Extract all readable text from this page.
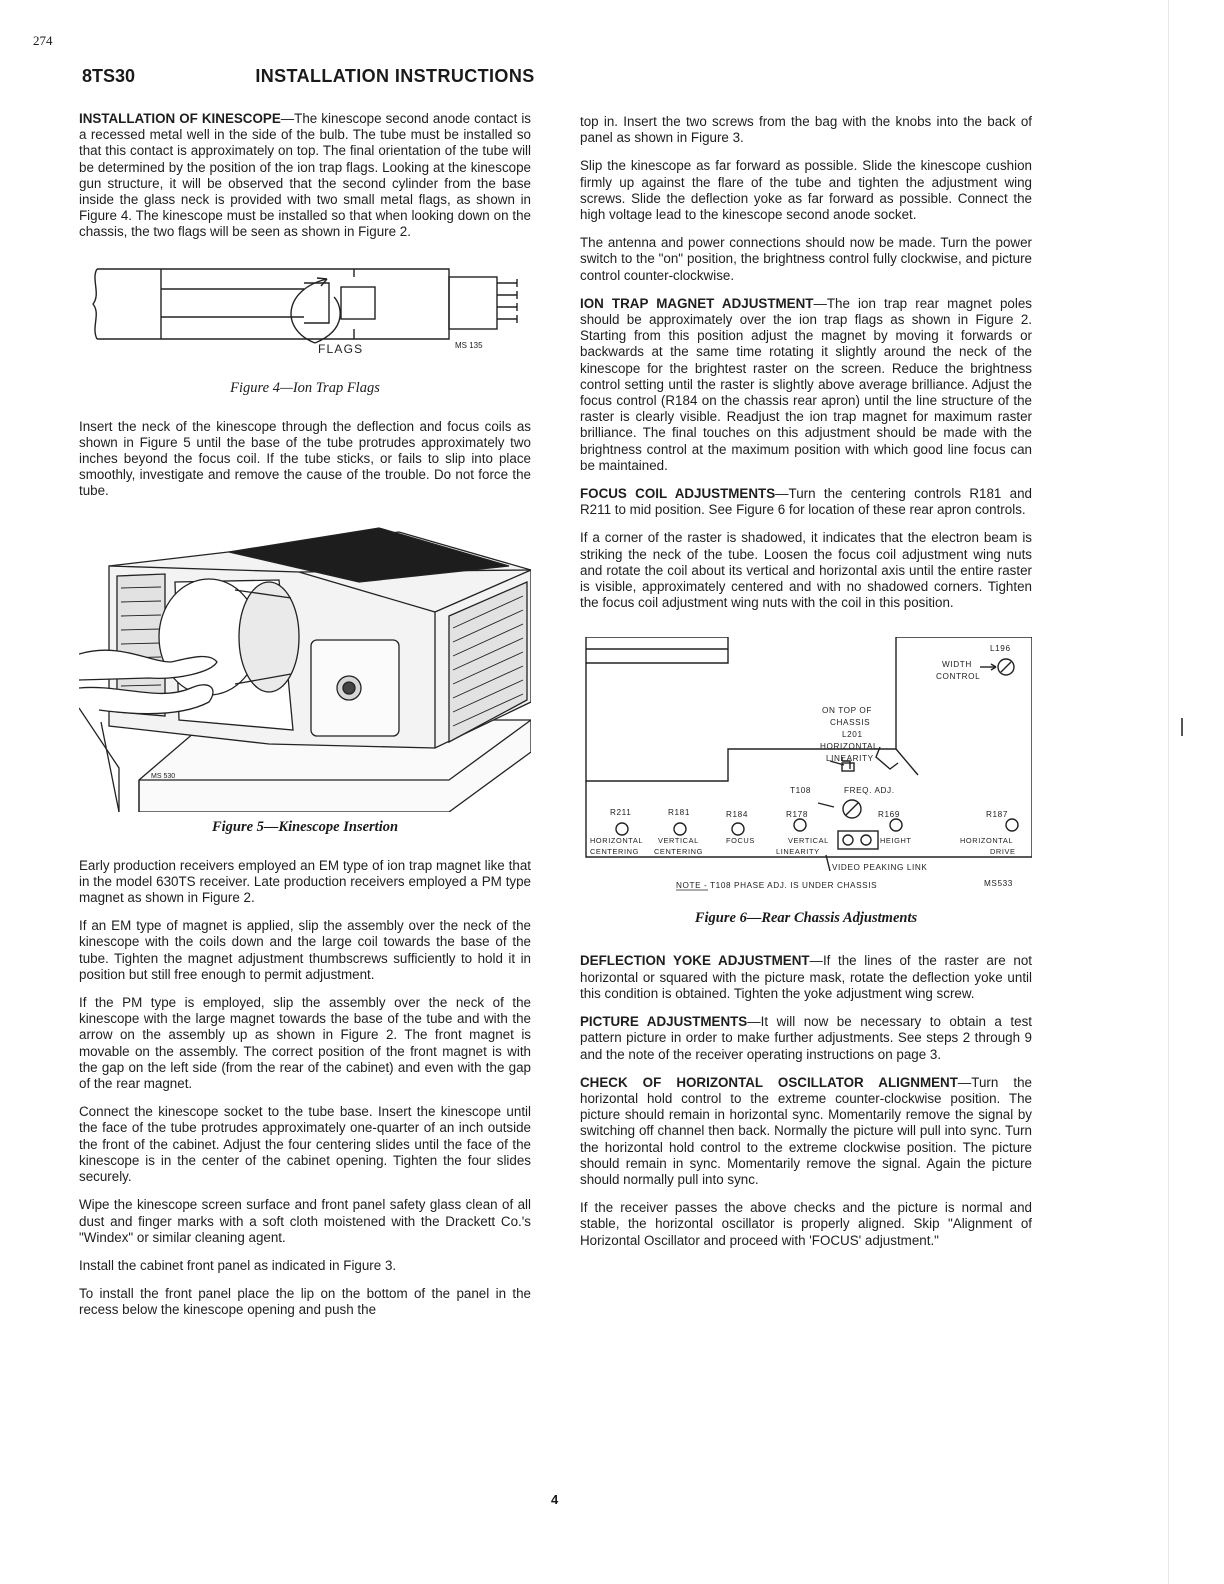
274
8TS30	INSTALLATION INSTRUCTIONS

INSTALLATION OF KINESCOPE—The kinescope second anode contact is a recessed metal well in the side of the bulb. The tube must be installed so that this contact is approximately on top. The final orientation of the tube will be determined by the position of the ion trap flags. Looking at the kinescope gun structure, it will be observed that the second cylinder from the base inside the glass neck is provided with two small metal flags, as shown in Figure 4. The kinescope must be installed so that when looking down on the chassis, the two flags will be seen as shown in Figure 2.

FLAGS	MS 135
Figure 4—Ion Trap Flags

Insert the neck of the kinescope through the deflection and focus coils as shown in Figure 5 until the base of the tube protrudes approximately two inches beyond the focus coil. If the tube sticks, or fails to slip into place smoothly, investigate and remove the cause of the trouble. Do not force the tube.

MS 530
Figure 5—Kinescope Insertion

Early production receivers employed an EM type of ion trap magnet like that in the model 630TS receiver. Late production receivers employed a PM type magnet as shown in Figure 2.

If an EM type of magnet is applied, slip the assembly over the neck of the kinescope with the coils down and the large coil towards the base of the tube. Tighten the magnet adjustment thumbscrews sufficiently to hold it in position but still free enough to permit adjustment.

If the PM type is employed, slip the assembly over the neck of the kinescope with the large magnet towards the base of the tube and with the arrow on the assembly up as shown in Figure 2. The front magnet is movable on the assembly. The correct position of the front magnet is with the gap on the left side (from the rear of the cabinet) and even with the gap of the rear magnet.

Connect the kinescope socket to the tube base. Insert the kinescope until the face of the tube protrudes approximately one-quarter of an inch outside the front of the cabinet. Adjust the four centering slides until the face of the kinescope is in the center of the cabinet opening. Tighten the four slides securely.

Wipe the kinescope screen surface and front panel safety glass clean of all dust and finger marks with a soft cloth moistened with the Drackett Co.'s "Windex" or similar cleaning agent.

Install the cabinet front panel as indicated in Figure 3.

To install the front panel place the lip on the bottom of the panel in the recess below the kinescope opening and push the

top in. Insert the two screws from the bag with the knobs into the back of panel as shown in Figure 3.

Slip the kinescope as far forward as possible. Slide the kinescope cushion firmly up against the flare of the tube and tighten the adjustment wing screws. Slide the deflection yoke as far forward as possible. Connect the high voltage lead to the kinescope second anode socket.

The antenna and power connections should now be made. Turn the power switch to the "on" position, the brightness control fully clockwise, and picture control counter-clockwise.

ION TRAP MAGNET ADJUSTMENT—The ion trap rear magnet poles should be approximately over the ion trap flags as shown in Figure 2. Starting from this position adjust the magnet by moving it forwards or backwards at the same time rotating it slightly around the neck of the kinescope for the brightest raster on the screen. Reduce the brightness control setting until the raster is slightly above average brilliance. Adjust the focus control (R184 on the chassis rear apron) until the line structure of the raster is clearly visible. Readjust the ion trap magnet for maximum raster brilliance. The final touches on this adjustment should be made with the brightness control at the maximum position with which good line focus can be maintained.

FOCUS COIL ADJUSTMENTS—Turn the centering controls R181 and R211 to mid position. See Figure 6 for location of these rear apron controls.

If a corner of the raster is shadowed, it indicates that the electron beam is striking the neck of the tube. Loosen the focus coil adjustment wing nuts and rotate the coil about its vertical and horizontal axis until the entire raster is visible, approximately centered and with no shadowed corners. Tighten the focus coil adjustment wing nuts with the coil in this position.

L196
WIDTH
CONTROL
ON TOP OF
CHASSIS
L201
HORIZONTAL
LINEARITY
T108	FREQ. ADJ.
R211	R181	R184	R178	R169	R187
HORIZONTAL
CENTERING
VERTICAL
CENTERING
FOCUS	VERTICAL
LINEARITY
HEIGHT	HORIZONTAL
DRIVE
VIDEO PEAKING LINK
NOTE - T108 PHASE ADJ. IS UNDER CHASSIS	MS533
Figure 6—Rear Chassis Adjustments

DEFLECTION YOKE ADJUSTMENT—If the lines of the raster are not horizontal or squared with the picture mask, rotate the deflection yoke until this condition is obtained. Tighten the yoke adjustment wing screw.

PICTURE ADJUSTMENTS—It will now be necessary to obtain a test pattern picture in order to make further adjustments. See steps 2 through 9 and the note of the receiver operating instructions on page 3.

CHECK OF HORIZONTAL OSCILLATOR ALIGNMENT—Turn the horizontal hold control to the extreme counter-clockwise position. The picture should remain in horizontal sync. Momentarily remove the signal by switching off channel then back. Normally the picture will pull into sync. Turn the horizontal hold control to the extreme clockwise position. The picture should remain in sync. Momentarily remove the signal. Again the picture should normally pull into sync.

If the receiver passes the above checks and the picture is normal and stable, the horizontal oscillator is properly aligned. Skip "Alignment of Horizontal Oscillator and proceed with 'FOCUS' adjustment."

4
